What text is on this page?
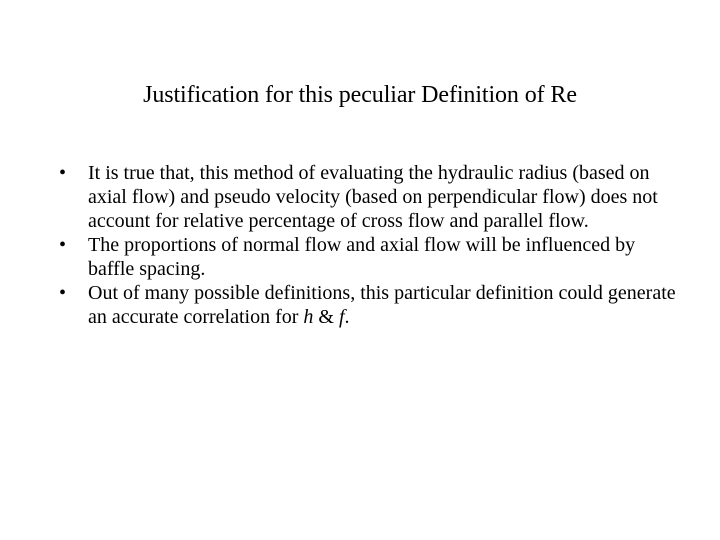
Justification for this peculiar Definition of Re
•	It is true that, this method of evaluating the hydraulic radius (based on axial flow) and pseudo velocity (based on perpendicular flow) does not account for relative percentage of cross flow and parallel flow.
•	The proportions of normal flow and axial flow will be influenced by baffle spacing.
•	Out of many possible definitions, this particular definition could generate an accurate correlation for h & f.
